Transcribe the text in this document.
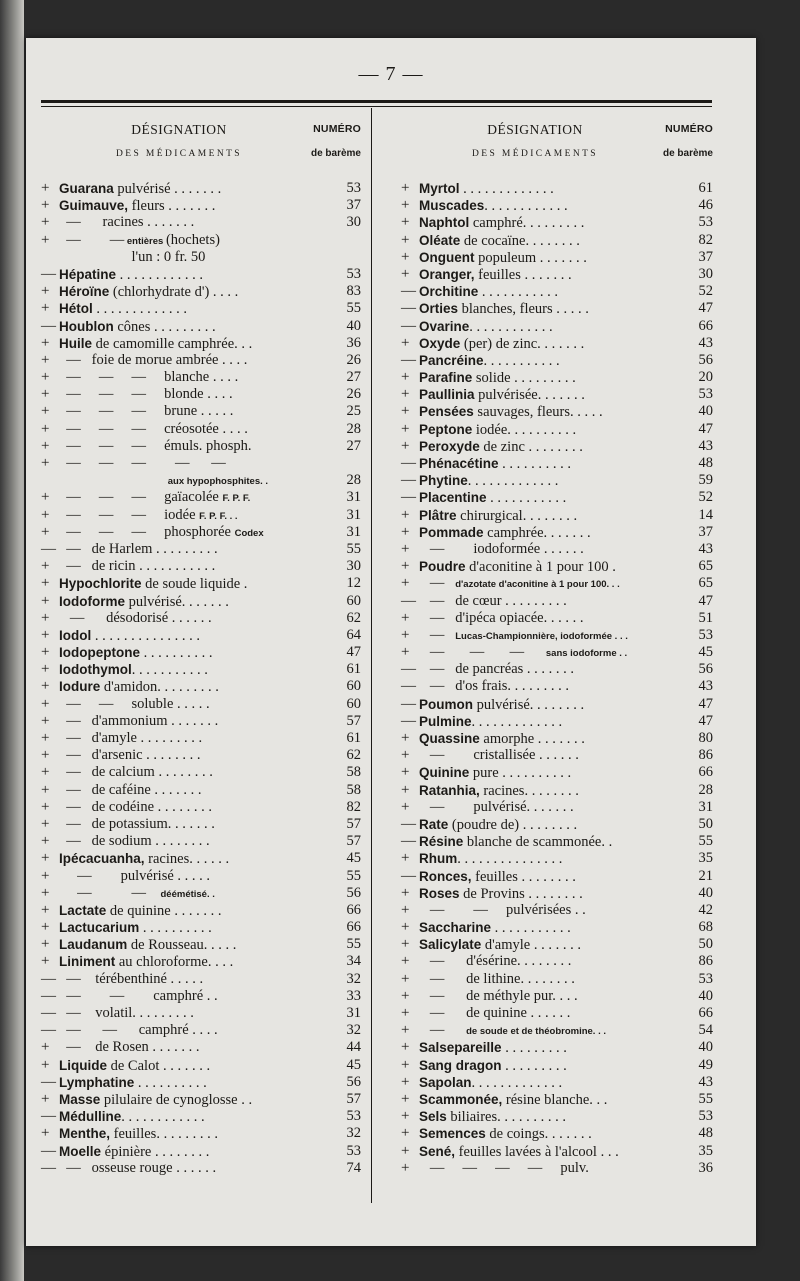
— 7 —
DÉSIGNATION	NUMÉRO
DES MÉDICAMENTS	de barème
+ Guarana pulvérisé . . . . . . .	53
+ Guimauve, fleurs . . . . . . .	37
+ —      racines . . . . . . .	30
+ —        — entières (hochets)
l'un : 0 fr. 50
— Hépatine . . . . . . . . . . . .	53
+ Héroïne (chlorhydrate d') . . . .	83
+ Hétol . . . . . . . . . . . . .	55
— Houblon cônes . . . . . . . . .	40
+ Huile de camomille camphrée. . .	36
+ —   foie de morue ambrée . . . .	26
+ —     —     —     blanche . . . .	27
+ —     —     —     blonde . . . .	26
+ —     —     —     brune . . . . .	25
+ —     —     —     créosotée . . . .	28
+ —     —     —     émuls. phosph.	27
+ —     —     —        —      —
aux hypophosphites. .	28
+ —     —     —     gaïacolée F. P. F.	31
+ —     —     —     iodée F. P. F. . .	31
+ —     —     —     phosphorée Codex	31
— —   de Harlem . . . . . . . . .	55
+ —   de ricin . . . . . . . . . . .	30
+ Hypochlorite de soude liquide .	12
+ Iodoforme pulvérisé. . . . . . .	60
+ —      désodorisé . . . . . .	62
+ Iodol . . . . . . . . . . . . . . .	64
+ Iodopeptone . . . . . . . . . .	47
+ Iodothymol. . . . . . . . . . .	61
+ Iodure d'amidon. . . . . . . . .	60
+ —     —     soluble . . . . .	60
+ —   d'ammonium . . . . . . .	57
+ —   d'amyle . . . . . . . . .	61
+ —   d'arsenic . . . . . . . .	62
+ —   de calcium . . . . . . . .	58
+ —   de caféine . . . . . . .	58
+ —   de codéine . . . . . . . .	82
+ —   de potassium. . . . . . .	57
+ —   de sodium . . . . . . . .	57
+ Ipécacuanha, racines. . . . . .	45
+ —        pulvérisé . . . . .	55
+ —           —    déémétisé. .	56
+ Lactate de quinine . . . . . . .	66
+ Lactucarium . . . . . . . . . .	66
+ Laudanum de Rousseau. . . . .	55
+ Liniment au chloroforme. . . .	34
— —    térébenthiné . . . . .	32
— —        —        camphré . .	33
— —    volatil. . . . . . . . .	31
— —      —      camphré . . . .	32
+ —    de Rosen . . . . . . .	44
+ Liquide de Calot . . . . . . .	45
— Lymphatine . . . . . . . . . .	56
+ Masse pilulaire de cynoglosse . .	57
— Médulline. . . . . . . . . . . .	53
+ Menthe, feuilles. . . . . . . . .	32
— Moelle épinière . . . . . . . .	53
— —   osseuse rouge . . . . . .	74
DÉSIGNATION	NUMÉRO
DES MÉDICAMENTS	de barème
+ Myrtol . . . . . . . . . . . . .	61
+ Muscades. . . . . . . . . . . .	46
+ Naphtol camphré. . . . . . . . .	53
+ Oléate de cocaïne. . . . . . . .	82
+ Onguent populeum . . . . . . .	37
+ Oranger, feuilles . . . . . . .	30
— Orchitine . . . . . . . . . . .	52
— Orties blanches, fleurs . . . . .	47
— Ovarine. . . . . . . . . . . .	66
+ Oxyde (per) de zinc. . . . . . .	43
— Pancréine. . . . . . . . . . .	56
+ Parafine solide . . . . . . . . .	20
+ Paullinia pulvérisée. . . . . . .	53
+ Pensées sauvages, fleurs. . . . .	40
+ Peptone iodée. . . . . . . . . .	47
+ Peroxyde de zinc . . . . . . . .	43
— Phénacétine . . . . . . . . . .	48
— Phytine. . . . . . . . . . . . .	59
— Placentine . . . . . . . . . . .	52
+ Plâtre chirurgical. . . . . . . .	14
+ Pommade camphrée. . . . . . .	37
+ —        iodoformée . . . . . .	43
+ Poudre d'aconitine à 1 pour 100 .	65
+ —   d'azotate d'aconitine à 1 pour 100. . .	65
— —   de cœur . . . . . . . . .	47
+ —   d'ipéca opiacée. . . . . .	51
+ —   Lucas-Championnière, iodoformée . . .	53
+ —       —       —      sans iodoforme . .	45
— —   de pancréas . . . . . . .	56
— —   d'os frais. . . . . . . . .	43
— Poumon pulvérisé. . . . . . . .	47
— Pulmine. . . . . . . . . . . . .	47
+ Quassine amorphe . . . . . . .	80
+ —        cristallisée . . . . . .	86
+ Quinine pure . . . . . . . . . .	66
+ Ratanhia, racines. . . . . . . .	28
+ —        pulvérisé. . . . . . .	31
— Rate (poudre de) . . . . . . . .	50
— Résine blanche de scammonée. .	55
+ Rhum. . . . . . . . . . . . . . .	35
— Ronces, feuilles . . . . . . . .	21
+ Roses de Provins . . . . . . . .	40
+ —        —     pulvérisées . .	42
+ Saccharine . . . . . . . . . . .	68
+ Salicylate d'amyle . . . . . . .	50
+ —      d'ésérine. . . . . . . .	86
+ —      de lithine. . . . . . . .	53
+ —      de méthyle pur. . . .	40
+ —      de quinine . . . . . .	66
+ —      de soude et de théobromine. . .	54
+ Salsepareille . . . . . . . . .	40
+ Sang dragon . . . . . . . . .	49
+ Sapolan. . . . . . . . . . . . .	43
+ Scammonée, résine blanche. . .	55
+ Sels biliaires. . . . . . . . . .	53
+ Semences de coings. . . . . . .	48
+ Sené, feuilles lavées à l'alcool . . .	35
+ —     —     —     —     pulv.	36
